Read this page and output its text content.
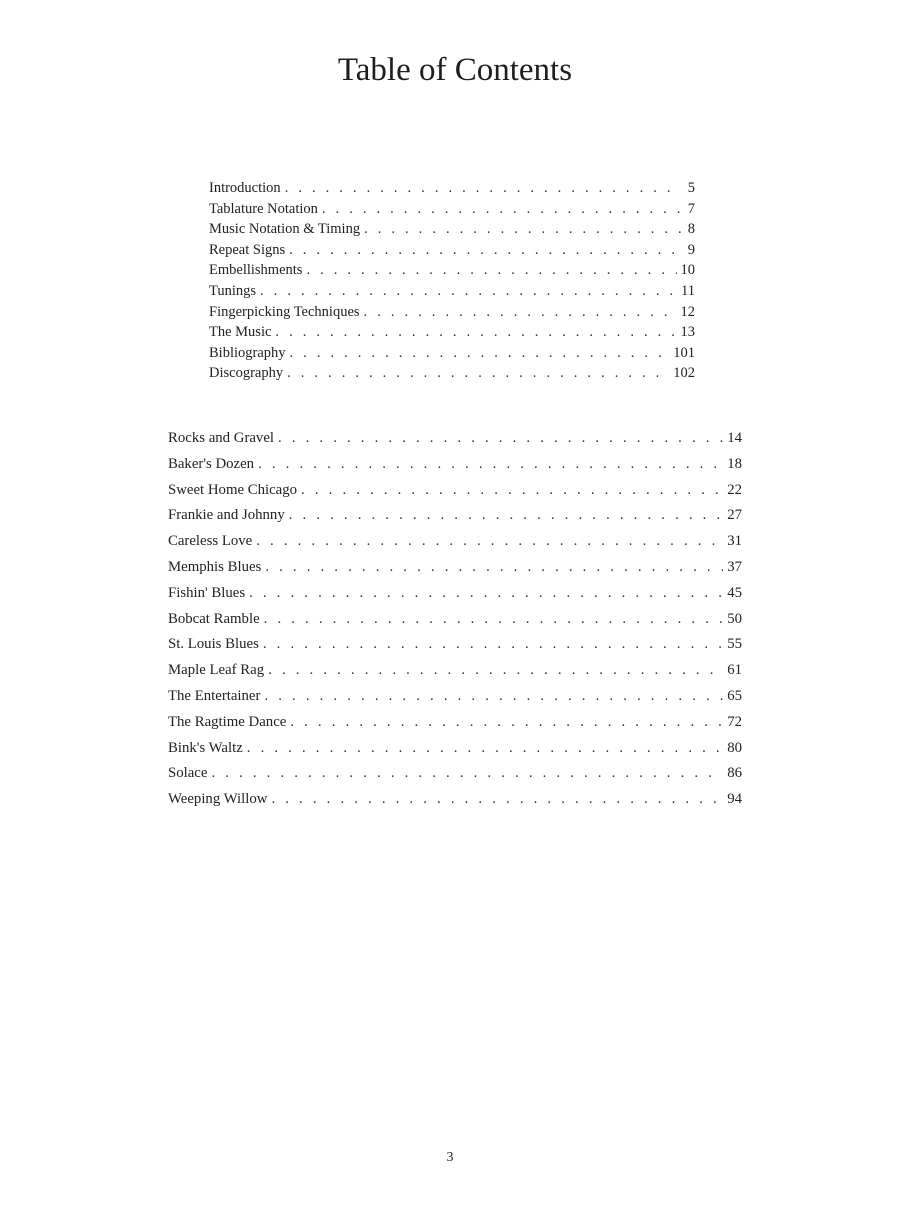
Table of Contents
Introduction . . .	5
Tablature Notation . . .	7
Music Notation & Timing . . .	8
Repeat Signs . . .	9
Embellishments . . .	10
Tunings . . .	11
Fingerpicking Techniques . . .	12
The Music . . .	13
Bibliography . . .	101
Discography . . .	102
Rocks and Gravel . . .	14
Baker's Dozen . . .	18
Sweet Home Chicago . . .	22
Frankie and Johnny . . .	27
Careless Love . . .	31
Memphis Blues . . .	37
Fishin' Blues . . .	45
Bobcat Ramble . . .	50
St. Louis Blues . . .	55
Maple Leaf Rag . . .	61
The Entertainer . . .	65
The Ragtime Dance . . .	72
Bink's Waltz . . .	80
Solace . . .	86
Weeping Willow . . .	94
3
